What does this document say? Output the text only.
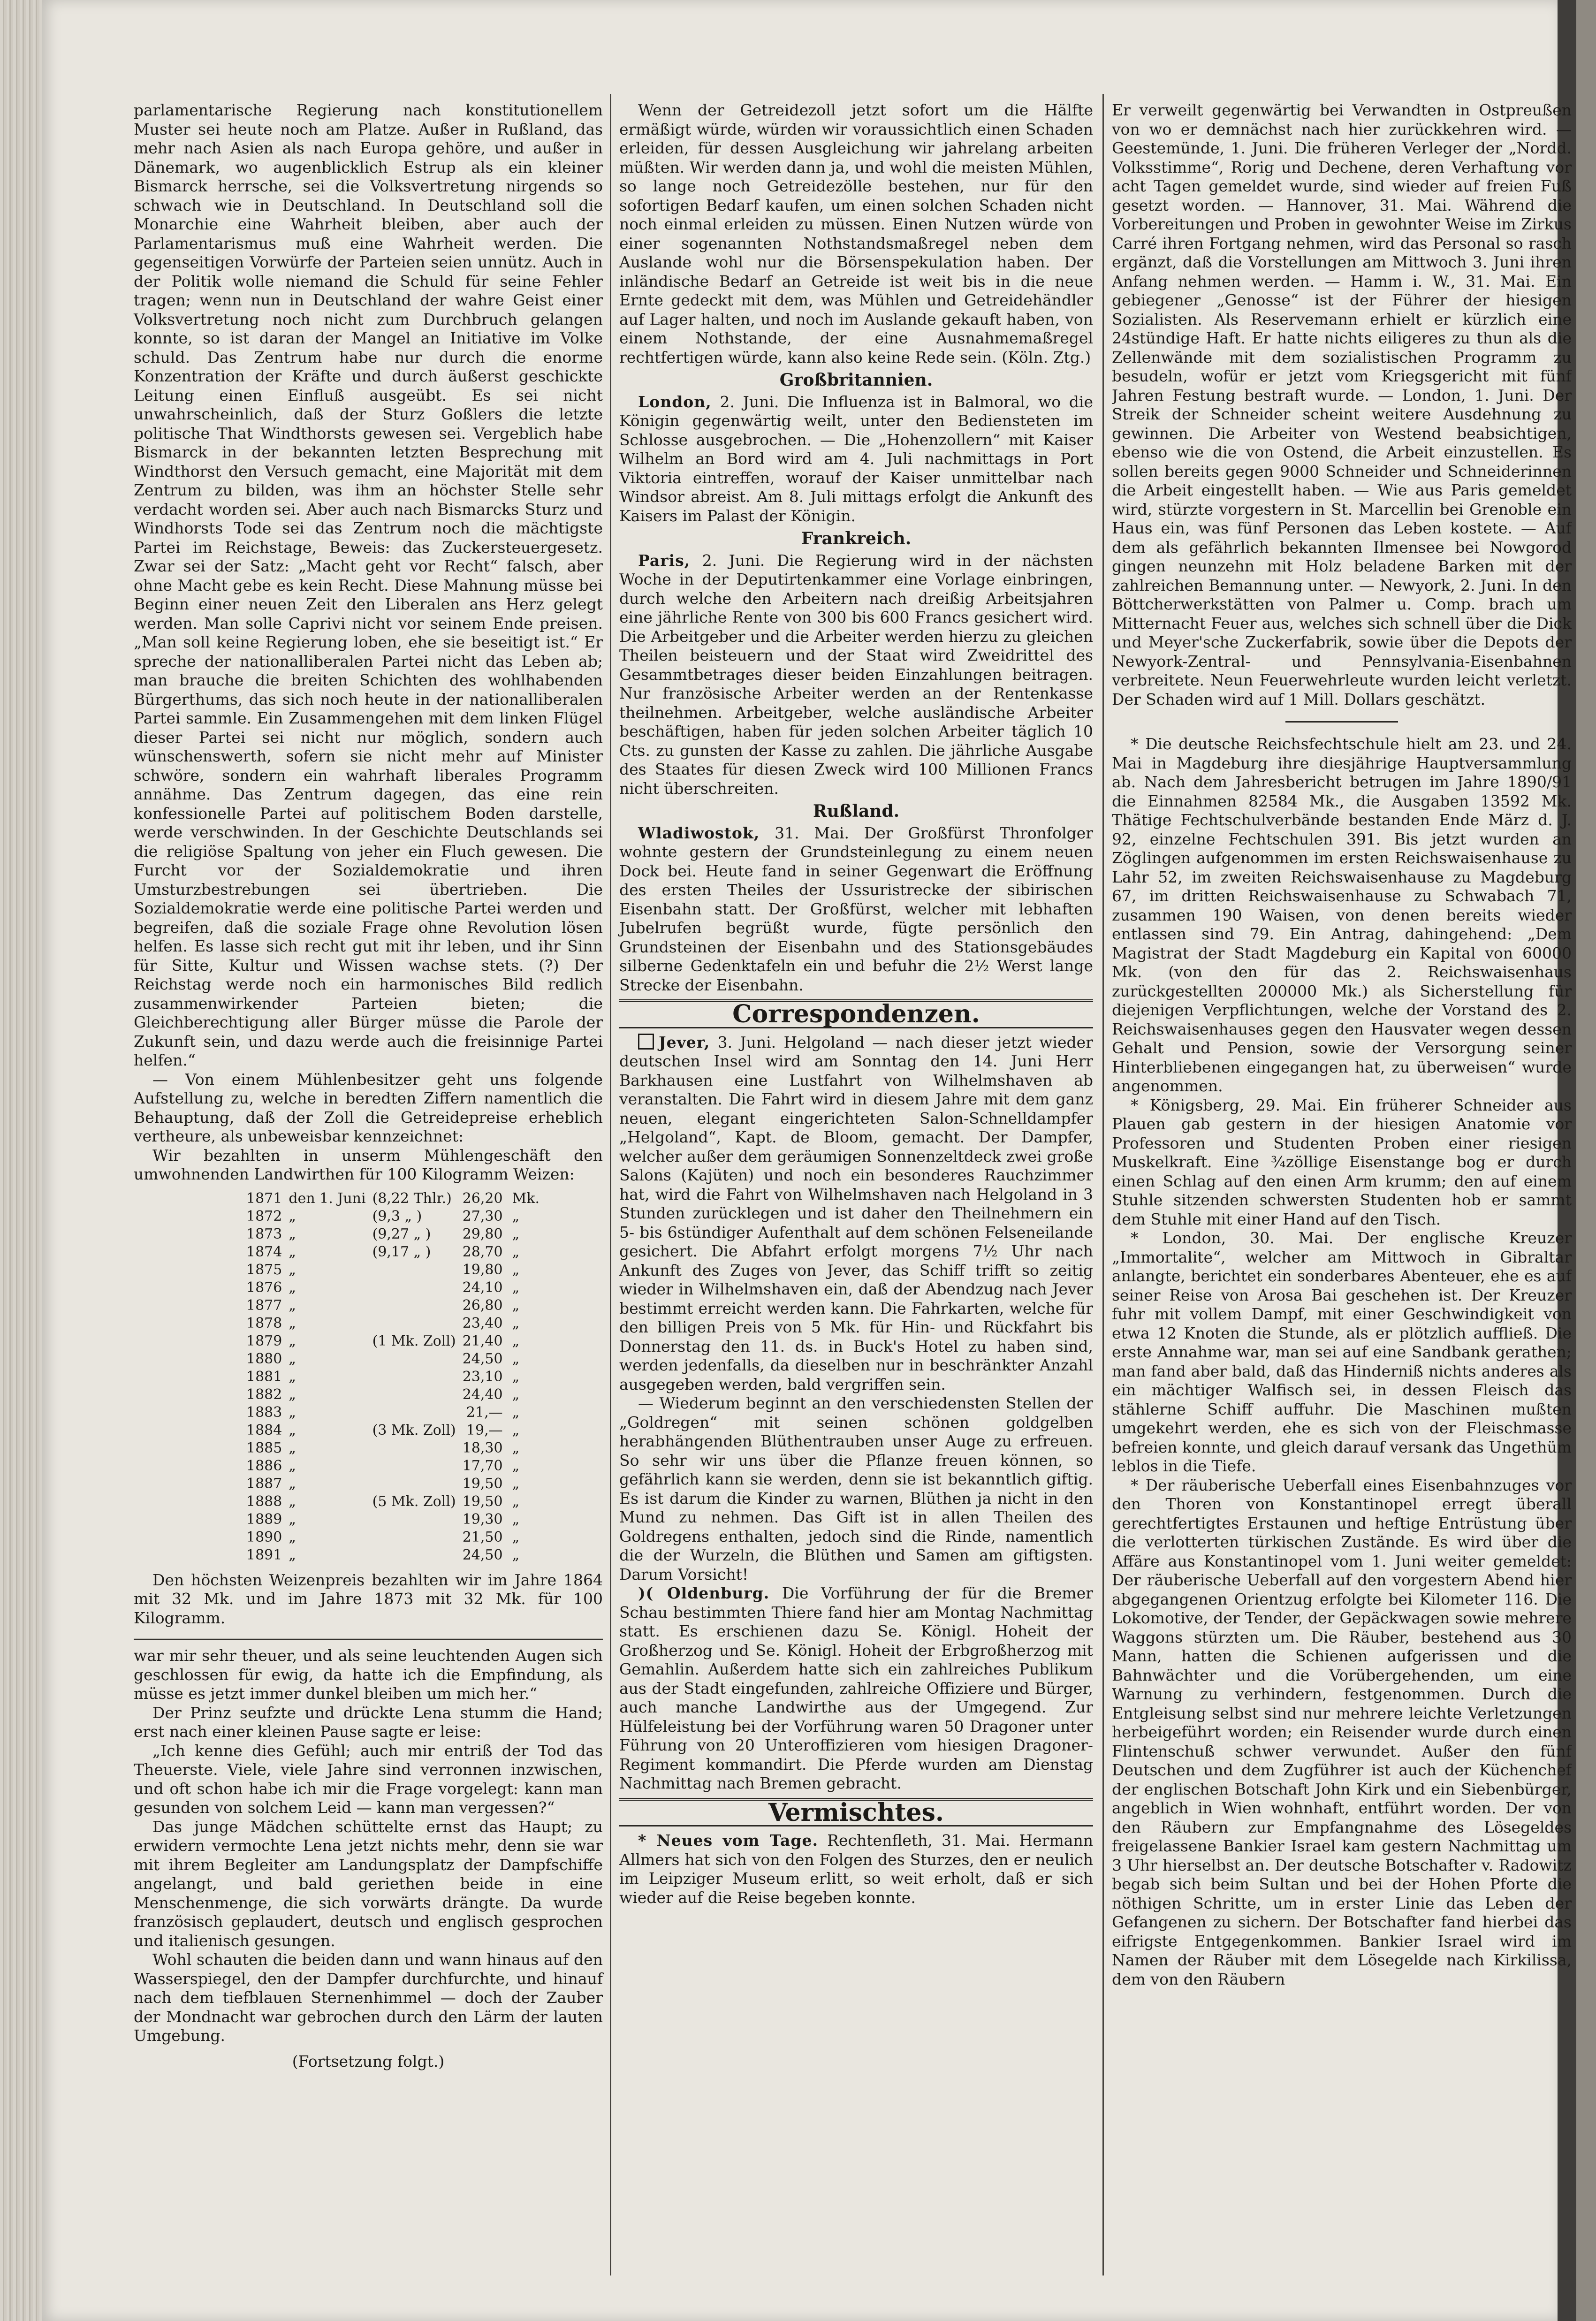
parlamentarische Regierung nach konstitutionellem Muster sei heute noch am Platze. Außer in Rußland, das mehr nach Asien als nach Europa gehöre, und außer in Dänemark, wo augenblicklich Estrup als ein kleiner Bismarck herrsche, sei die Volksvertretung nirgends so schwach wie in Deutschland. In Deutschland soll die Monarchie eine Wahrheit bleiben, aber auch der Parlamentarismus muß eine Wahrheit werden. Die gegenseitigen Vorwürfe der Parteien seien unnütz. Auch in der Politik wolle niemand die Schuld für seine Fehler tragen; wenn nun in Deutschland der wahre Geist einer Volksvertretung noch nicht zum Durchbruch gelangen konnte, so ist daran der Mangel an Initiative im Volke schuld. Das Zentrum habe nur durch die enorme Konzentration der Kräfte und durch äußerst geschickte Leitung einen Einfluß ausgeübt. Es sei nicht unwahrscheinlich, daß der Sturz Goßlers die letzte politische That Windthorsts gewesen sei. Vergeblich habe Bismarck in der bekannten letzten Besprechung mit Windthorst den Versuch gemacht, eine Majorität mit dem Zentrum zu bilden, was ihm an höchster Stelle sehr verdacht worden sei. Aber auch nach Bismarcks Sturz und Windhorsts Tode sei das Zentrum noch die mächtigste Partei im Reichstage, Beweis: das Zuckersteuergesetz. Zwar sei der Satz: „Macht geht vor Recht“ falsch, aber ohne Macht gebe es kein Recht. Diese Mahnung müsse bei Beginn einer neuen Zeit den Liberalen ans Herz gelegt werden. Man solle Caprivi nicht vor seinem Ende preisen. „Man soll keine Regierung loben, ehe sie beseitigt ist.“ Er spreche der nationalliberalen Partei nicht das Leben ab; man brauche die breiten Schichten des wohlhabenden Bürgerthums, das sich noch heute in der nationalliberalen Partei sammle. Ein Zusammengehen mit dem linken Flügel dieser Partei sei nicht nur möglich, sondern auch wünschenswerth, sofern sie nicht mehr auf Minister schwöre, sondern ein wahrhaft liberales Programm annähme. Das Zentrum dagegen, das eine rein konfessionelle Partei auf politischem Boden darstelle, werde verschwinden. In der Geschichte Deutschlands sei die religiöse Spaltung von jeher ein Fluch gewesen. Die Furcht vor der Sozialdemokratie und ihren Umsturzbestrebungen sei übertrieben. Die Sozialdemokratie werde eine politische Partei werden und begreifen, daß die soziale Frage ohne Revolution lösen helfen. Es lasse sich recht gut mit ihr leben, und ihr Sinn für Sitte, Kultur und Wissen wachse stets. (?) Der Reichstag werde noch ein harmonisches Bild redlich zusammenwirkender Parteien bieten; die Gleichberechtigung aller Bürger müsse die Parole der Zukunft sein, und dazu werde auch die freisinnige Partei helfen.“

— Von einem Mühlenbesitzer geht uns folgende Aufstellung zu, welche in beredten Ziffern namentlich die Behauptung, daß der Zoll die Getreidepreise erheblich vertheure, als unbeweisbar kennzeichnet:

Wir bezahlten in unserm Mühlengeschäft den umwohnenden Landwirthen für 100 Kilogramm Weizen:

1871	den 1. Juni	(8,22 Thlr.)	26,20	Mk.
1872	„	(9,3 „ )	27,30	„
1873	„	(9,27 „ )	29,80	„
1874	„	(9,17 „ )	28,70	„
1875	„		19,80	„
1876	„		24,10	„
1877	„		26,80	„
1878	„		23,40	„
1879	„	(1 Mk. Zoll)	21,40	„
1880	„		24,50	„
1881	„		23,10	„
1882	„		24,40	„
1883	„		21,—	„
1884	„	(3 Mk. Zoll)	19,—	„
1885	„		18,30	„
1886	„		17,70	„
1887	„		19,50	„
1888	„	(5 Mk. Zoll)	19,50	„
1889	„		19,30	„
1890	„		21,50	„
1891	„		24,50	„

Den höchsten Weizenpreis bezahlten wir im Jahre 1864 mit 32 Mk. und im Jahre 1873 mit 32 Mk. für 100 Kilogramm.

war mir sehr theuer, und als seine leuchtenden Augen sich geschlossen für ewig, da hatte ich die Empfindung, als müsse es jetzt immer dunkel bleiben um mich her.“

Der Prinz seufzte und drückte Lena stumm die Hand; erst nach einer kleinen Pause sagte er leise:

„Ich kenne dies Gefühl; auch mir entriß der Tod das Theuerste. Viele, viele Jahre sind verronnen inzwischen, und oft schon habe ich mir die Frage vorgelegt: kann man gesunden von solchem Leid — kann man vergessen?“

Das junge Mädchen schüttelte ernst das Haupt; zu erwidern vermochte Lena jetzt nichts mehr, denn sie war mit ihrem Begleiter am Landungsplatz der Dampfschiffe angelangt, und bald geriethen beide in eine Menschenmenge, die sich vorwärts drängte. Da wurde französisch geplaudert, deutsch und englisch gesprochen und italienisch gesungen.

Wohl schauten die beiden dann und wann hinaus auf den Wasserspiegel, den der Dampfer durchfurchte, und hinauf nach dem tiefblauen Sternenhimmel — doch der Zauber der Mondnacht war gebrochen durch den Lärm der lauten Umgebung.

(Fortsetzung folgt.)

Wenn der Getreidezoll jetzt sofort um die Hälfte ermäßigt würde, würden wir voraussichtlich einen Schaden erleiden, für dessen Ausgleichung wir jahrelang arbeiten müßten. Wir werden dann ja, und wohl die meisten Mühlen, so lange noch Getreidezölle bestehen, nur für den sofortigen Bedarf kaufen, um einen solchen Schaden nicht noch einmal erleiden zu müssen. Einen Nutzen würde von einer sogenannten Nothstandsmaßregel neben dem Auslande wohl nur die Börsenspekulation haben. Der inländische Bedarf an Getreide ist weit bis in die neue Ernte gedeckt mit dem, was Mühlen und Getreidehändler auf Lager halten, und noch im Auslande gekauft haben, von einem Nothstande, der eine Ausnahmemaßregel rechtfertigen würde, kann also keine Rede sein. (Köln. Ztg.)

Großbritannien.

London, 2. Juni. Die Influenza ist in Balmoral, wo die Königin gegenwärtig weilt, unter den Bediensteten im Schlosse ausgebrochen. — Die „Hohenzollern“ mit Kaiser Wilhelm an Bord wird am 4. Juli nachmittags in Port Viktoria eintreffen, worauf der Kaiser unmittelbar nach Windsor abreist. Am 8. Juli mittags erfolgt die Ankunft des Kaisers im Palast der Königin.

Frankreich.

Paris, 2. Juni. Die Regierung wird in der nächsten Woche in der Deputirtenkammer eine Vorlage einbringen, durch welche den Arbeitern nach dreißig Arbeitsjahren eine jährliche Rente von 300 bis 600 Francs gesichert wird. Die Arbeitgeber und die Arbeiter werden hierzu zu gleichen Theilen beisteuern und der Staat wird Zweidrittel des Gesammtbetrages dieser beiden Einzahlungen beitragen. Nur französische Arbeiter werden an der Rentenkasse theilnehmen. Arbeitgeber, welche ausländische Arbeiter beschäftigen, haben für jeden solchen Arbeiter täglich 10 Cts. zu gunsten der Kasse zu zahlen. Die jährliche Ausgabe des Staates für diesen Zweck wird 100 Millionen Francs nicht überschreiten.

Rußland.

Wladiwostok, 31. Mai. Der Großfürst Thronfolger wohnte gestern der Grundsteinlegung zu einem neuen Dock bei. Heute fand in seiner Gegenwart die Eröffnung des ersten Theiles der Ussuristrecke der sibirischen Eisenbahn statt. Der Großfürst, welcher mit lebhaften Jubelrufen begrüßt wurde, fügte persönlich den Grundsteinen der Eisenbahn und des Stationsgebäudes silberne Gedenktafeln ein und befuhr die 2½ Werst lange Strecke der Eisenbahn.

Correspondenzen.

Jever, 3. Juni. Helgoland — nach dieser jetzt wieder deutschen Insel wird am Sonntag den 14. Juni Herr Barkhausen eine Lustfahrt von Wilhelmshaven ab veranstalten. Die Fahrt wird in diesem Jahre mit dem ganz neuen, elegant eingerichteten Salon-Schnelldampfer „Helgoland“, Kapt. de Bloom, gemacht. Der Dampfer, welcher außer dem geräumigen Sonnenzeltdeck zwei große Salons (Kajüten) und noch ein besonderes Rauchzimmer hat, wird die Fahrt von Wilhelmshaven nach Helgoland in 3 Stunden zurücklegen und ist daher den Theilnehmern ein 5- bis 6stündiger Aufenthalt auf dem schönen Felseneilande gesichert. Die Abfahrt erfolgt morgens 7½ Uhr nach Ankunft des Zuges von Jever, das Schiff trifft so zeitig wieder in Wilhelmshaven ein, daß der Abendzug nach Jever bestimmt erreicht werden kann. Die Fahrkarten, welche für den billigen Preis von 5 Mk. für Hin- und Rückfahrt bis Donnerstag den 11. ds. in Buck's Hotel zu haben sind, werden jedenfalls, da dieselben nur in beschränkter Anzahl ausgegeben werden, bald vergriffen sein.

— Wiederum beginnt an den verschiedensten Stellen der „Goldregen“ mit seinen schönen goldgelben herabhängenden Blüthentrauben unser Auge zu erfreuen. So sehr wir uns über die Pflanze freuen können, so gefährlich kann sie werden, denn sie ist bekanntlich giftig. Es ist darum die Kinder zu warnen, Blüthen ja nicht in den Mund zu nehmen. Das Gift ist in allen Theilen des Goldregens enthalten, jedoch sind die Rinde, namentlich die der Wurzeln, die Blüthen und Samen am giftigsten. Darum Vorsicht!

)( Oldenburg. Die Vorführung der für die Bremer Schau bestimmten Thiere fand hier am Montag Nachmittag statt. Es erschienen dazu Se. Königl. Hoheit der Großherzog und Se. Königl. Hoheit der Erbgroßherzog mit Gemahlin. Außerdem hatte sich ein zahlreiches Publikum aus der Stadt eingefunden, zahlreiche Offiziere und Bürger, auch manche Landwirthe aus der Umgegend. Zur Hülfeleistung bei der Vorführung waren 50 Dragoner unter Führung von 20 Unteroffizieren vom hiesigen Dragoner-Regiment kommandirt. Die Pferde wurden am Dienstag Nachmittag nach Bremen gebracht.

Vermischtes.

* Neues vom Tage. Rechtenfleth, 31. Mai. Hermann Allmers hat sich von den Folgen des Sturzes, den er neulich im Leipziger Museum erlitt, so weit erholt, daß er sich wieder auf die Reise begeben konnte.

Er verweilt gegenwärtig bei Verwandten in Ostpreußen von wo er demnächst nach hier zurückkehren wird. — Geestemünde, 1. Juni. Die früheren Verleger der „Nordd. Volksstimme“, Rorig und Dechene, deren Verhaftung vor acht Tagen gemeldet wurde, sind wieder auf freien Fuß gesetzt worden. — Hannover, 31. Mai. Während die Vorbereitungen und Proben in gewohnter Weise im Zirkus Carré ihren Fortgang nehmen, wird das Personal so rasch ergänzt, daß die Vorstellungen am Mittwoch 3. Juni ihren Anfang nehmen werden. — Hamm i. W., 31. Mai. Ein gebiegener „Genosse“ ist der Führer der hiesigen Sozialisten. Als Reservemann erhielt er kürzlich eine 24stündige Haft. Er hatte nichts eiligeres zu thun als die Zellenwände mit dem sozialistischen Programm zu besudeln, wofür er jetzt vom Kriegsgericht mit fünf Jahren Festung bestraft wurde. — London, 1. Juni. Der Streik der Schneider scheint weitere Ausdehnung zu gewinnen. Die Arbeiter von Westend beabsichtigen, ebenso wie die von Ostend, die Arbeit einzustellen. Es sollen bereits gegen 9000 Schneider und Schneiderinnen die Arbeit eingestellt haben. — Wie aus Paris gemeldet wird, stürzte vorgestern in St. Marcellin bei Grenoble ein Haus ein, was fünf Personen das Leben kostete. — Auf dem als gefährlich bekannten Ilmensee bei Nowgorod gingen neunzehn mit Holz beladene Barken mit der zahlreichen Bemannung unter. — Newyork, 2. Juni. In den Böttcherwerkstätten von Palmer u. Comp. brach um Mitternacht Feuer aus, welches sich schnell über die Dick und Meyer'sche Zuckerfabrik, sowie über die Depots der Newyork-Zentral- und Pennsylvania-Eisenbahnen verbreitete. Neun Feuerwehrleute wurden leicht verletzt. Der Schaden wird auf 1 Mill. Dollars geschätzt.

* Die deutsche Reichsfechtschule hielt am 23. und 24. Mai in Magdeburg ihre diesjährige Hauptversammlung ab. Nach dem Jahresbericht betrugen im Jahre 1890/91 die Einnahmen 82584 Mk., die Ausgaben 13592 Mk. Thätige Fechtschulverbände bestanden Ende März d. J. 92, einzelne Fechtschulen 391. Bis jetzt wurden an Zöglingen aufgenommen im ersten Reichswaisenhause zu Lahr 52, im zweiten Reichswaisenhause zu Magdeburg 67, im dritten Reichswaisenhause zu Schwabach 71, zusammen 190 Waisen, von denen bereits wieder entlassen sind 79. Ein Antrag, dahingehend: „Dem Magistrat der Stadt Magdeburg ein Kapital von 60000 Mk. (von den für das 2. Reichswaisenhaus zurückgestellten 200000 Mk.) als Sicherstellung für diejenigen Verpflichtungen, welche der Vorstand des 2. Reichswaisenhauses gegen den Hausvater wegen dessen Gehalt und Pension, sowie der Versorgung seiner Hinterbliebenen eingegangen hat, zu überweisen“ wurde angenommen.

* Königsberg, 29. Mai. Ein früherer Schneider aus Plauen gab gestern in der hiesigen Anatomie vor Professoren und Studenten Proben einer riesigen Muskelkraft. Eine ¾zöllige Eisenstange bog er durch einen Schlag auf den einen Arm krumm; den auf einem Stuhle sitzenden schwersten Studenten hob er sammt dem Stuhle mit einer Hand auf den Tisch.

* London, 30. Mai. Der englische Kreuzer „Immortalite“, welcher am Mittwoch in Gibraltar anlangte, berichtet ein sonderbares Abenteuer, ehe es auf seiner Reise von Arosa Bai geschehen ist. Der Kreuzer fuhr mit vollem Dampf, mit einer Geschwindigkeit von etwa 12 Knoten die Stunde, als er plötzlich auffließ. Die erste Annahme war, man sei auf eine Sandbank gerathen; man fand aber bald, daß das Hinderniß nichts anderes als ein mächtiger Walfisch sei, in dessen Fleisch das stählerne Schiff auffuhr. Die Maschinen mußten umgekehrt werden, ehe es sich von der Fleischmasse befreien konnte, und gleich darauf versank das Ungethüm leblos in die Tiefe.

* Der räuberische Ueberfall eines Eisenbahnzuges vor den Thoren von Konstantinopel erregt überall gerechtfertigtes Erstaunen und heftige Entrüstung über die verlotterten türkischen Zustände. Es wird über die Affäre aus Konstantinopel vom 1. Juni weiter gemeldet: Der räuberische Ueberfall auf den vorgestern Abend hier abgegangenen Orientzug erfolgte bei Kilometer 116. Die Lokomotive, der Tender, der Gepäckwagen sowie mehrere Waggons stürzten um. Die Räuber, bestehend aus 30 Mann, hatten die Schienen aufgerissen und die Bahnwächter und die Vorübergehenden, um eine Warnung zu verhindern, festgenommen. Durch die Entgleisung selbst sind nur mehrere leichte Verletzungen herbeigeführt worden; ein Reisender wurde durch einen Flintenschuß schwer verwundet. Außer den fünf Deutschen und dem Zugführer ist auch der Küchenchef der englischen Botschaft John Kirk und ein Siebenbürger, angeblich in Wien wohnhaft, entführt worden. Der von den Räubern zur Empfangnahme des Lösegeldes freigelassene Bankier Israel kam gestern Nachmittag um 3 Uhr hierselbst an. Der deutsche Botschafter v. Radowitz begab sich beim Sultan und bei der Hohen Pforte die nöthigen Schritte, um in erster Linie das Leben der Gefangenen zu sichern. Der Botschafter fand hierbei das eifrigste Entgegenkommen. Bankier Israel wird im Namen der Räuber mit dem Lösegelde nach Kirkilissa, dem von den Räubern
